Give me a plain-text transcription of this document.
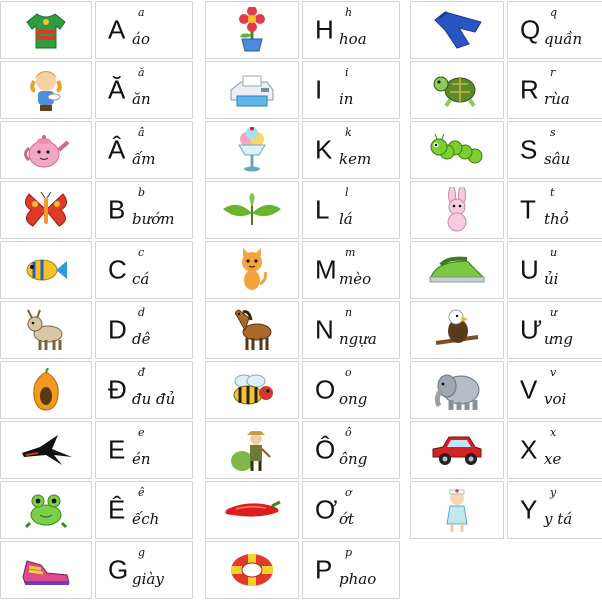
A
a
áo
Ă
ă
ăn
Â
â
ấm
B
b
bướm
C
c
cá
D
d
dê
Đ
đ
đu đủ
E
e
én
Ê
ê
ếch
G
g
giày
H
h
hoa
I
i
in
K
k
kem
L
l
lá
M
m
mèo
N
n
ngựa
O
o
ong
Ô
ô
ông
Ơ
ơ
ớt
P
p
phao
Q
q
quần
R
r
rùa
S
s
sâu
T
t
thỏ
U
u
ủi
Ư
ư
ưng
V
v
voi
X
x
xe
Y
y
y tá
